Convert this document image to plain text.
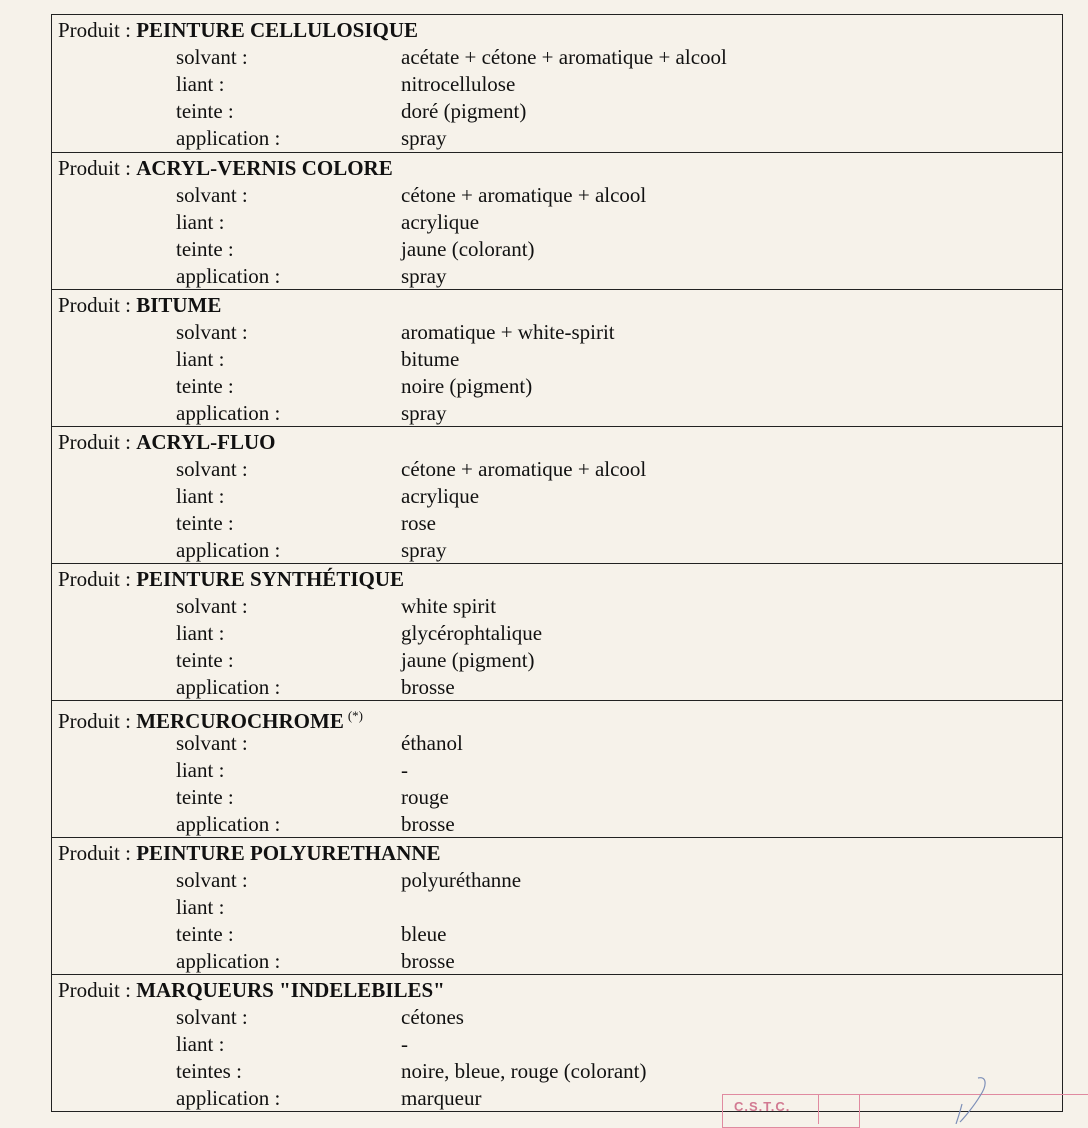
Produit : PEINTURE CELLULOSIQUE
solvant :	acétate + cétone + aromatique + alcool
liant :	nitrocellulose
teinte :	doré (pigment)
application :	spray
Produit : ACRYL-VERNIS COLORE
solvant :	cétone + aromatique + alcool
liant :	acrylique
teinte :	jaune (colorant)
application :	spray
Produit : BITUME
solvant :	aromatique + white-spirit
liant :	bitume
teinte :	noire (pigment)
application :	spray
Produit : ACRYL-FLUO
solvant :	cétone + aromatique + alcool
liant :	acrylique
teinte :	rose
application :	spray
Produit : PEINTURE SYNTHÉTIQUE
solvant :	white spirit
liant :	glycérophtalique
teinte :	jaune (pigment)
application :	brosse
Produit : MERCUROCHROME (*)
solvant :	éthanol
liant :	-
teinte :	rouge
application :	brosse
Produit : PEINTURE POLYURETHANNE
solvant :	polyuréthanne
liant :
teinte :	bleue
application :	brosse
Produit : MARQUEURS "INDELEBILES"
solvant :	cétones
liant :	-
teintes :	noire, bleue, rouge (colorant)
application :	marqueur	C.S.T.C.
